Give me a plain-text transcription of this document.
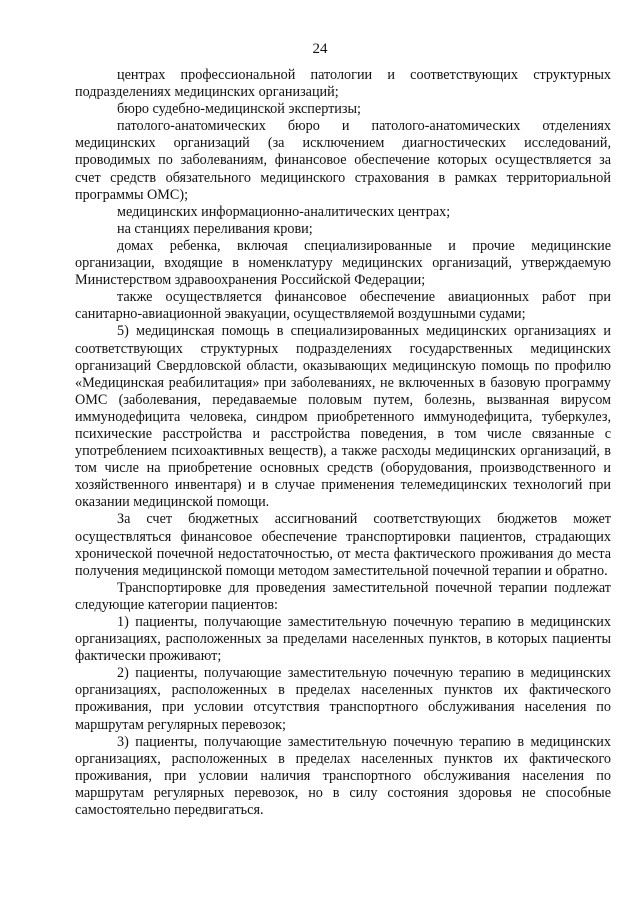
24

центрах профессиональной патологии и соответствующих структурных подразделениях медицинских организаций;

бюро судебно-медицинской экспертизы;

патолого-анатомических бюро и патолого-анатомических отделениях медицинских организаций (за исключением диагностических исследований, проводимых по заболеваниям, финансовое обеспечение которых осуществляется за счет средств обязательного медицинского страхования в рамках территориальной программы ОМС);

медицинских информационно-аналитических центрах;

на станциях переливания крови;

домах ребенка, включая специализированные и прочие медицинские организации, входящие в номенклатуру медицинских организаций, утверждаемую Министерством здравоохранения Российской Федерации;

также осуществляется финансовое обеспечение авиационных работ при санитарно-авиационной эвакуации, осуществляемой воздушными судами;

5) медицинская помощь в специализированных медицинских организациях и соответствующих структурных подразделениях государственных медицинских организаций Свердловской области, оказывающих медицинскую помощь по профилю «Медицинская реабилитация» при заболеваниях, не включенных в базовую программу ОМС (заболевания, передаваемые половым путем, болезнь, вызванная вирусом иммунодефицита человека, синдром приобретенного иммунодефицита, туберкулез, психические расстройства и расстройства поведения, в том числе связанные с употреблением психоактивных веществ), а также расходы медицинских организаций, в том числе на приобретение основных средств (оборудования, производственного и хозяйственного инвентаря) и в случае применения телемедицинских технологий при оказании медицинской помощи.

За счет бюджетных ассигнований соответствующих бюджетов может осуществляться финансовое обеспечение транспортировки пациентов, страдающих хронической почечной недостаточностью, от места фактического проживания до места получения медицинской помощи методом заместительной почечной терапии и обратно.

Транспортировке для проведения заместительной почечной терапии подлежат следующие категории пациентов:

1) пациенты, получающие заместительную почечную терапию в медицинских организациях, расположенных за пределами населенных пунктов, в которых пациенты фактически проживают;

2) пациенты, получающие заместительную почечную терапию в медицинских организациях, расположенных в пределах населенных пунктов их фактического проживания, при условии отсутствия транспортного обслуживания населения по маршрутам регулярных перевозок;

3) пациенты, получающие заместительную почечную терапию в медицинских организациях, расположенных в пределах населенных пунктов их фактического проживания, при условии наличия транспортного обслуживания населения по маршрутам регулярных перевозок, но в силу состояния здоровья не способные самостоятельно передвигаться.
